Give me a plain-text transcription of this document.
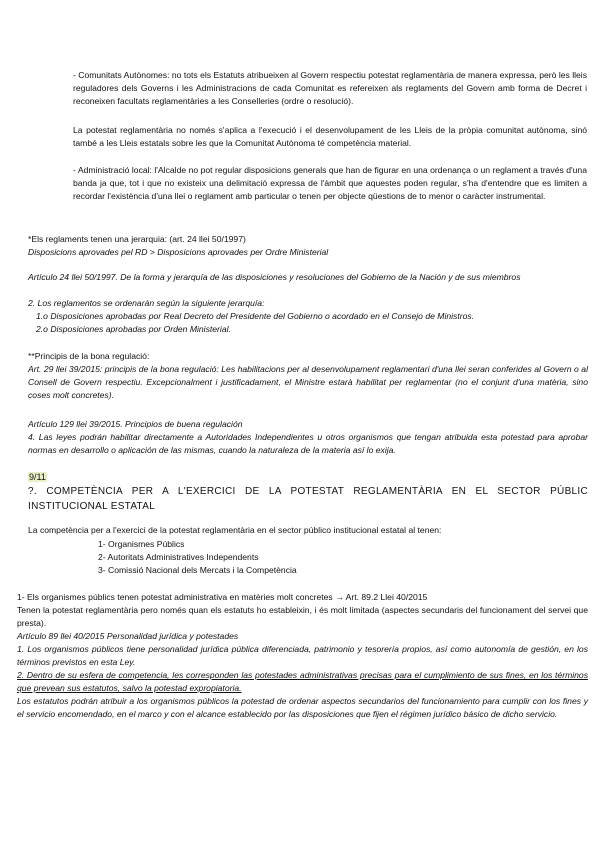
- Comunitats Autònomes: no tots els Estatuts atribueixen al Govern respectiu potestat reglamentària de manera expressa, però les lleis reguladores dels Governs i les Administracions de cada Comunitat es refereixen als reglaments del Govern amb forma de Decret i reconeixen facultats reglamentàries a les Conselleries (ordre o resolució).

La potestat reglamentària no només s'aplica a l'execució i el desenvolupament de les Lleis de la pròpia comunitat autònoma, sinó també a les Lleis estatals sobre les que la Comunitat Autònoma té competència material.

- Administració local: l'Alcalde no pot regular disposicions generals que han de figurar en una ordenança o un reglament a través d'una banda ja que, tot i que no existeix una delimitació expressa de l'àmbit que aquestes poden regular, s'ha d'entendre que es limiten a recordar l'existència d'una llei o reglament amb particular o tenen per objecte qüestions de to menor o caràcter instrumental.

*Els reglaments tenen una jerarquia: (art. 24 llei 50/1997)

Disposicions aprovades pel RD > Disposicions aprovades per Ordre Ministerial

Artículo 24 llei 50/1997. De la forma y jerarquía de las disposiciones y resoluciones del Gobierno de la Nación y de sus miembros

2. Los reglamentos se ordenarán según la siguiente jerarquía:

1.o Disposiciones aprobadas por Real Decreto del Presidente del Gobierno o acordado en el Consejo de Ministros.

2.o Disposiciones aprobadas por Orden Ministerial.

**Principis de la bona regulació:

Art. 29 llei 39/2015: principis de la bona regulació: Les habilitacions per al desenvolupament reglamentari d'una llei seran conferides al Govern o al Consell de Govern respectiu. Excepcionalment i justificadament, el Ministre estarà habilitat per reglamentar (no el conjunt d'una matèria, sino coses molt concretes).

Artículo 129 llei 39/2015. Principios de buena regulación

4. Las leyes podrán habilitar directamente a Autoridades Independientes u otros organismos que tengan atribuida esta potestad para aprobar normas en desarrollo o aplicación de las mismas, cuando la naturaleza de la materia así lo exija.

9/11

?. COMPETÈNCIA PER A L'EXERCICI DE LA POTESTAT REGLAMENTÀRIA EN EL SECTOR PÚBLIC INSTITUCIONAL ESTATAL

La competència per a l'exercici de la potestat reglamentària en el sector público institucional estatal al tenen:

1- Organismes Públics
2- Autoritats Administratives Independents
3- Comissió Nacional dels Mercats i la Competència

1- Els organismes públics tenen potestat administrativa en matèries molt concretes → Art. 89.2 Llei 40/2015

Tenen la potestat reglamentària pero només quan els estatuts ho estableixin, i és molt limitada (aspectes secundaris del funcionament del servei que presta).

Artículo 89 llei 40/2015 Personalidad jurídica y potestades

1. Los organismos públicos tiene personalidad jurídica pública diferenciada, patrimonio y tesorería propios, así como autonomía de gestión, en los términos previstos en esta Ley.

2. Dentro de su esfera de competencia, les corresponden las potestades administrativas precisas para el cumplimiento de sus fines, en los términos que prevean sus estatutos, salvo la potestad expropiatoria.

Los estatutos podrán atribuir a los organismos públicos la potestad de ordenar aspectos secundarios del funcionamiento para cumplir con los fines y el servicio encomendado, en el marco y con el alcance establecido por las disposiciones que fijen el régimen jurídico básico de dicho servicio.
